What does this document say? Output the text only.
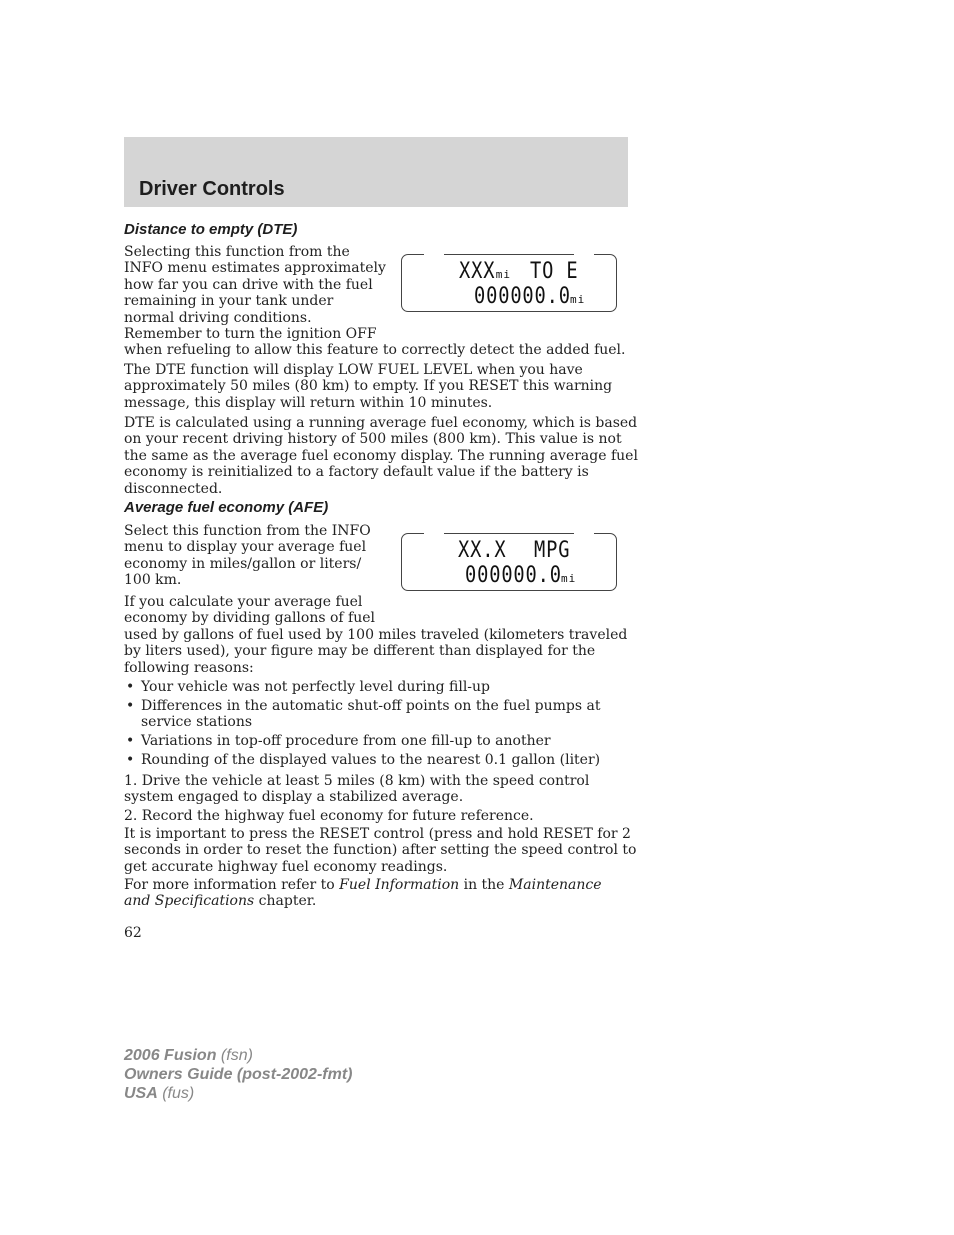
Driver Controls
Distance to empty (DTE)
XXXmi TO E
000000.0mi
Selecting this function from the
INFO menu estimates approximately
how far you can drive with the fuel
remaining in your tank under
normal driving conditions.
Remember to turn the ignition OFF
when refueling to allow this feature to correctly detect the added fuel.
The DTE function will display LOW FUEL LEVEL when you have
approximately 50 miles (80 km) to empty. If you RESET this warning
message, this display will return within 10 minutes.
DTE is calculated using a running average fuel economy, which is based
on your recent driving history of 500 miles (800 km). This value is not
the same as the average fuel economy display. The running average fuel
economy is reinitialized to a factory default value if the battery is
disconnected.
Average fuel economy (AFE)
XX.X MPG
000000.0mi
Select this function from the INFO
menu to display your average fuel
economy in miles/gallon or liters/
100 km.
If you calculate your average fuel
economy by dividing gallons of fuel
used by gallons of fuel used by 100 miles traveled (kilometers traveled
by liters used), your figure may be different than displayed for the
following reasons:
• Your vehicle was not perfectly level during fill-up
• Differences in the automatic shut-off points on the fuel pumps at
service stations
• Variations in top-off procedure from one fill-up to another
• Rounding of the displayed values to the nearest 0.1 gallon (liter)
1. Drive the vehicle at least 5 miles (8 km) with the speed control
system engaged to display a stabilized average.
2. Record the highway fuel economy for future reference.
It is important to press the RESET control (press and hold RESET for 2
seconds in order to reset the function) after setting the speed control to
get accurate highway fuel economy readings.
For more information refer to Fuel Information in the Maintenance
and Specifications chapter.
62
2006 Fusion (fsn)
Owners Guide (post-2002-fmt)
USA (fus)
